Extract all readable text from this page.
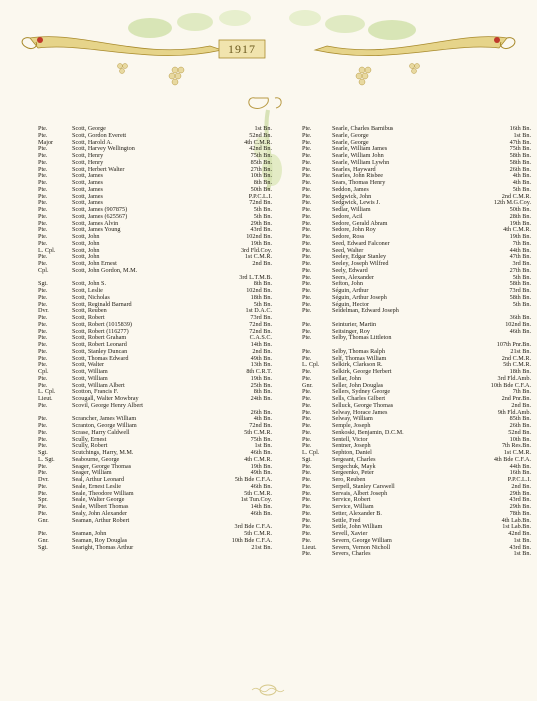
1917
Pte.	Scott, George	1st Bn.
Pte.	Scott, Gordon Everett	52nd Bn.
Major	Scott, Harold A.	4th C.M.R.
Pte.	Scott, Harvey Wellington	42nd Bn.
Pte.	Scott, Henry	75th Bn.
Pte.	Scott, Henry	85th Bn.
Pte.	Scott, Herbert Walter	27th Bn.
Pte.	Scott, James	10th Bn.
Pte.	Scott, James	8th Bn.
Pte.	Scott, James	50th Bn.
Pte.	Scott, James	P.P.C.L.I.
Pte.	Scott, James	72nd Bn.
Pte.	Scott, James (907875)	5th Bn.
Pte.	Scott, James (625567)	5th Bn.
Pte.	Scott, James Alvin	29th Bn.
Pte.	Scott, James Young	43rd Bn.
Pte.	Scott, John	102nd Bn.
Pte.	Scott, John	19th Bn.
L. Cpl.	Scott, John	3rd Fld.Coy.
Pte.	Scott, John	1st C.M.R.
Pte.	Scott, John Ernest	2nd Bn.
Cpl.	Scott, John Gordon, M.M.
3rd L.T.M.B.
Sgt.	Scott, John S.	8th Bn.
Pte.	Scott, Leslie	102nd Bn.
Pte.	Scott, Nicholas	18th Bn.
Pte.	Scott, Reginald Barnard	5th Bn.
Dvr.	Scott, Reuben	1st D.A.C.
Pte.	Scott, Robert	73rd Bn.
Pte.	Scott, Robert (1015839)	72nd Bn.
Pte.	Scott, Robert (116277)	72nd Bn.
Pte.	Scott, Robert Graham	C.A.S.C.
Pte.	Scott, Robert Leonard	14th Bn.
Pte.	Scott, Stanley Duncan	2nd Bn.
Pte.	Scott, Thomas Edward	49th Bn.
Pte.	Scott, Walter	13th Bn.
Cpl.	Scott, William	8th C.R.T.
Pte.	Scott, William	19th Bn.
Pte.	Scott, William Albert	25th Bn.
L. Cpl.	Scotton, Francis F.	8th Bn.
Lieut.	Scougall, Walter Mowbray	24th Bn.
Pte.	Scovil, George Henry Albert
26th Bn.
Pte.	Scrancher, James William	4th Bn.
Pte.	Scranton, George William	72nd Bn.
Pte.	Scrase, Harry Caldwell	5th C.M.R.
Pte.	Scully, Ernest	75th Bn.
Pte.	Scully, Robert	1st Bn.
Sgt.	Scutchings, Harry, M.M.	46th Bn.
L. Sgt.	Seabourne, George	4th C.M.R.
Pte.	Seager, George Thomas	19th Bn.
Pte.	Seager, William	49th Bn.
Dvr.	Seal, Arthur Leonard	5th Bde C.F.A.
Pte.	Seale, Ernest Leslie	46th Bn.
Pte.	Seale, Theodore William	5th C.M.R.
Spr.	Seale, Walter George	1st Tun.Coy.
Pte.	Seale, Wilbert Thomas	14th Bn.
Pte.	Sealy, John Alexander	46th Bn.
Gnr.	Seaman, Arthur Robert
3rd Bde C.F.A.
Pte.	Seaman, John	5th C.M.R.
Gnr.	Seaman, Roy Douglas	10th Bde C.F.A.
Sgt.	Searight, Thomas Arthur	21st Bn.
Pte.	Searle, Charles Barnibus	16th Bn.
Pte.	Searle, George	1st Bn.
Pte.	Searle, George	47th Bn.
Pte.	Searle, William James	75th Bn.
Pte.	Searle, William John	58th Bn.
Pte.	Searle, William Lywhn	58th Bn.
Pte.	Searles, Hayward	26th Bn.
Pte.	Searles, John Risbee	4th Bn.
Pte.	Sears, Thomas Henry	4th Bn.
Pte.	Seddon, James	5th Bn.
Pte.	Sedgwick, John	2nd C.M.R.
Pte.	Sedgwick, Lewis J.	12th M.G.Coy.
Pte.	Sedlar, William	50th Bn.
Pte.	Sedore, Acil	28th Bn.
Pte.	Sedore, Gerald Abram	19th Bn.
Pte.	Sedore, John Roy	4th C.M.R.
Pte.	Sedore, Ross	19th Bn.
Pte.	Seed, Edward Falconer	7th Bn.
Pte.	Seed, Walter	44th Bn.
Pte.	Seeley, Edgar Stanley	47th Bn.
Pte.	Seeley, Joseph Wilfred	3rd Bn.
Pte.	Seely, Edward	27th Bn.
Pte.	Seers, Alexander	5th Bn.
Pte.	Sefton, John	58th Bn.
Pte.	Séguin, Arthur	73rd Bn.
Pte.	Séguin, Arthur Joseph	58th Bn.
Pte.	Séguin, Hector	5th Bn.
Pte.	Seidelman, Edward Joseph
36th Bn.
Pte.	Seinturier, Martin	102nd Bn.
Pte.	Seitsinger, Roy	46th Bn.
Pte.	Selby, Thomas Littleton
107th Pnr.Bn.
Pte.	Selby, Thomas Ralph	21st Bn.
Pte.	Self, Thomas William	2nd C.M.R.
L. Cpl. Selkirk, Clarkson R.	5th C.M.R.
Pte.	Selkirk, George Herbert	18th Bn.
Pte.	Sellar, John	3rd Fld.Amb.
Gnr.	Seller, John Douglas	10th Bde C.F.A.
Pte.	Sellers, Sydney George	7th Bn.
Pte.	Sells, Charles Gilbert	2nd Pnr.Bn.
Pte.	Selluck, George Thomas	2nd Bn.
Pte.	Selway, Horace James	9th Fld.Amb.
Pte.	Selway, William	85th Bn.
Pte.	Semple, Joseph	26th Bn.
Pte.	Senkoski, Benjamin, D.C.M.	52nd Bn.
Pte.	Sentell, Victor	10th Bn.
Pte.	Sentner, Joseph	7th Res.Bn.
L. Cpl. Sephton, Daniel	1st C.M.R.
Sgt.	Sergeant, Charles	4th Bde C.F.A.
Pte.	Sergechuk, Mayk	44th Bn.
Pte.	Sergeenko, Peter	16th Bn.
Pte.	Sero, Reuben	P.P.C.L.I.
Pte.	Serpell, Stanley Carswell	2nd Bn.
Pte.	Servais, Albert Joseph	29th Bn.
Pte.	Service, Robert	43rd Bn.
Pte.	Service, William	29th Bn.
Pte.	Setter, Alexander B.	78th Bn.
Pte.	Settle, Fred	4th Lab.Bn.
Pte.	Settle, John William	1st Lab.Bn.
Pte.	Sevell, Xavier	42nd Bn.
Pte.	Severn, George William	1st Bn.
Lieut. Severn, Vernon Nicholl	43rd Bn.
Pte.	Severs, Charles	1st Bn.
